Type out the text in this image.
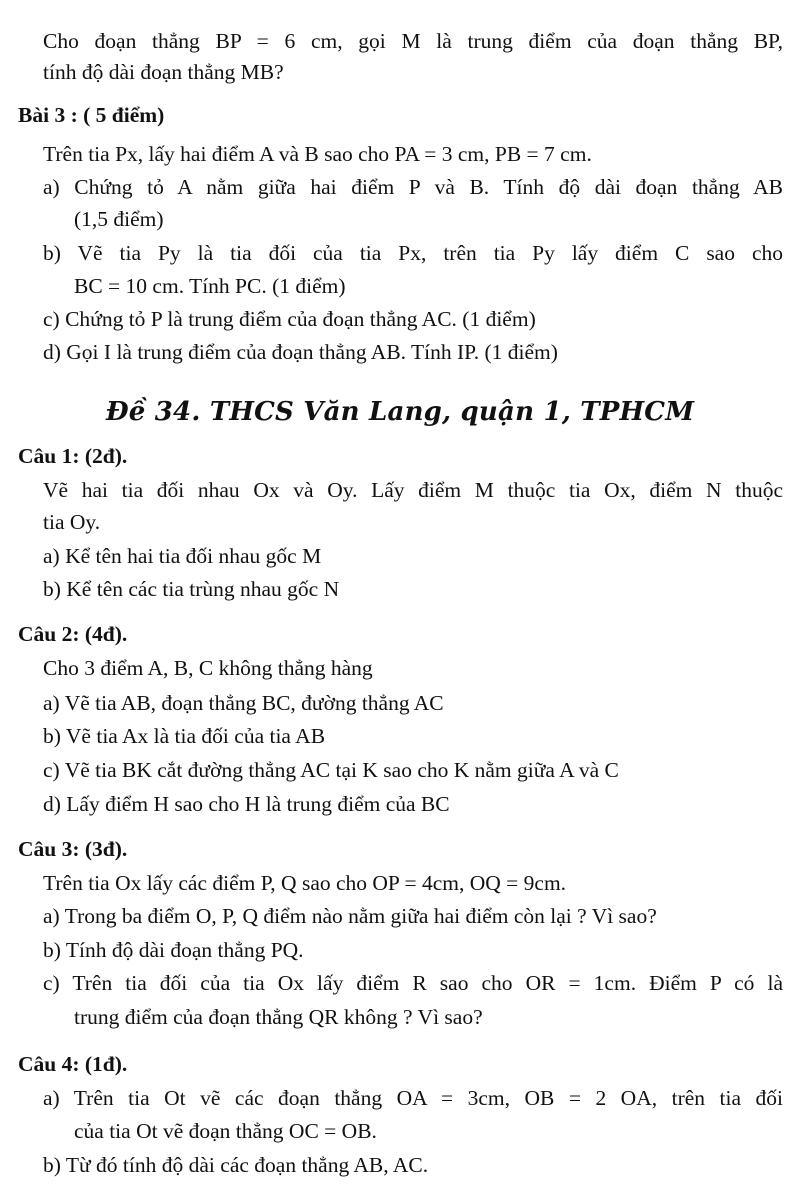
Cho đoạn thẳng BP = 6 cm, gọi M là trung điểm của đoạn thẳng BP,
tính độ dài đoạn thẳng MB?
Bài 3 : ( 5 điểm)
Trên tia Px, lấy hai điểm A và B sao cho PA = 3 cm, PB = 7 cm.
a) Chứng tỏ A nằm giữa hai điểm P và B. Tính độ dài đoạn thẳng AB
(1,5 điểm)
b) Vẽ tia Py là tia đối của tia Px, trên tia Py lấy điểm C sao cho
BC = 10 cm. Tính PC. (1 điểm)
c) Chứng tỏ P là trung điểm của đoạn thẳng AC. (1 điểm)
d) Gọi I là trung điểm của đoạn thẳng AB. Tính IP. (1 điểm)
Đề 34. THCS Văn Lang, quận 1, TPHCM
Câu 1: (2đ).
Vẽ hai tia đối nhau Ox và Oy. Lấy điểm M thuộc tia Ox, điểm N thuộc
tia Oy.
a) Kể tên hai tia đối nhau gốc M
b) Kể tên các tia trùng nhau gốc N
Câu 2: (4đ).
Cho 3 điểm A, B, C không thẳng hàng
a) Vẽ tia AB, đoạn thẳng BC, đường thẳng AC
b) Vẽ tia Ax là tia đối của tia AB
c) Vẽ tia BK cắt đường thẳng AC tại K sao cho K nằm giữa A và C
d) Lấy điểm H sao cho H là trung điểm của BC
Câu 3: (3đ).
Trên tia Ox lấy các điểm P, Q sao cho OP = 4cm, OQ = 9cm.
a) Trong ba điểm O, P, Q điểm nào nằm giữa hai điểm còn lại ? Vì sao?
b) Tính độ dài đoạn thẳng PQ.
c) Trên tia đối của tia Ox lấy điểm R sao cho OR = 1cm. Điểm P có là
trung điểm của đoạn thẳng QR không ? Vì sao?
Câu 4: (1đ).
a) Trên tia Ot vẽ các đoạn thẳng OA = 3cm, OB = 2 OA, trên tia đối
của tia Ot vẽ đoạn thẳng OC = OB.
b) Từ đó tính độ dài các đoạn thẳng AB, AC.
